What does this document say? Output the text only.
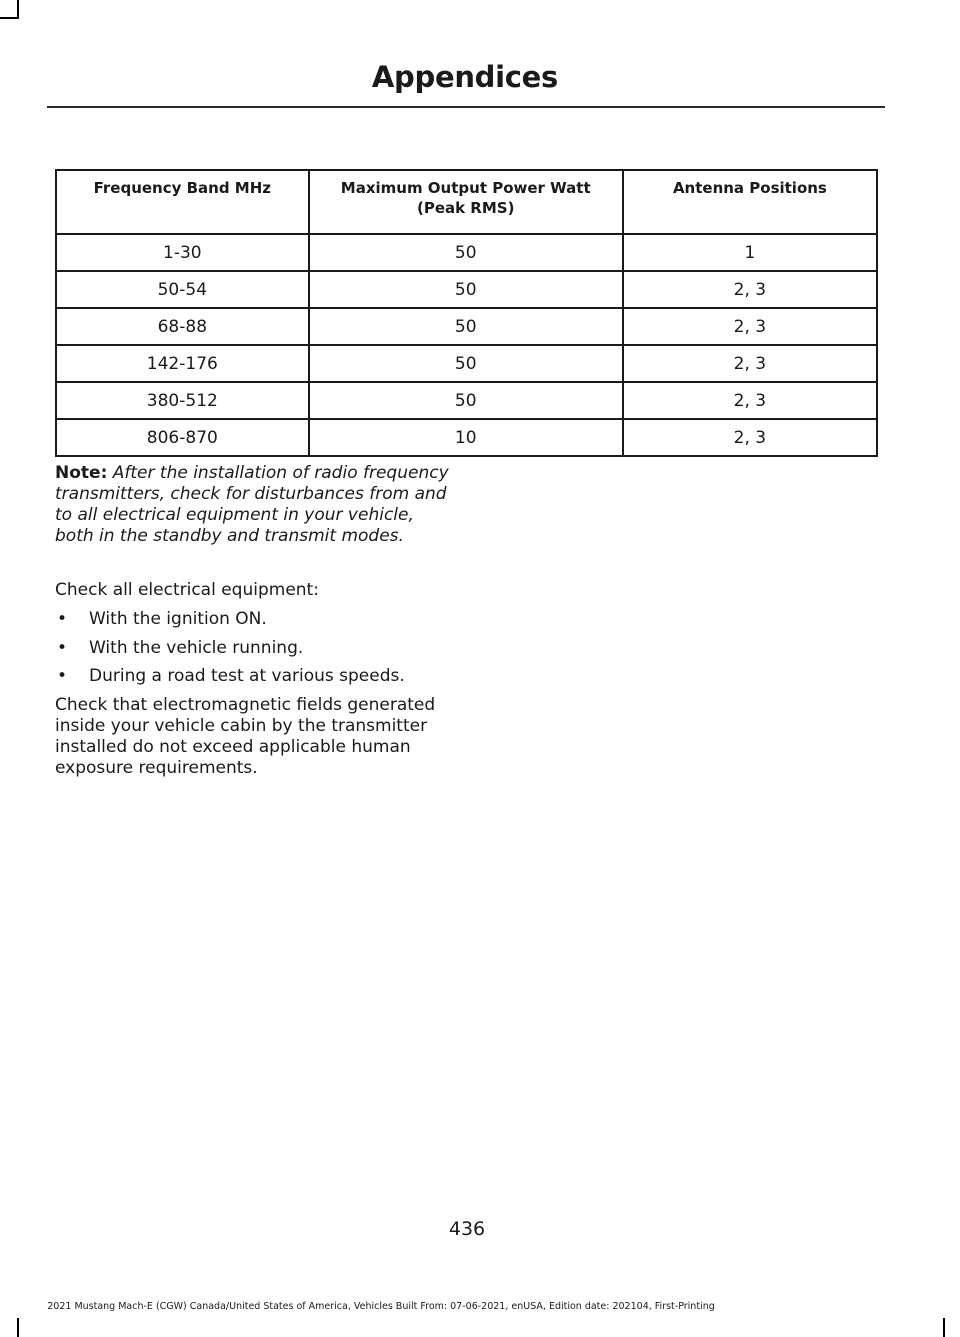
Appendices
Frequency Band MHz	Maximum Output Power Watt (Peak RMS)	Antenna Positions
1-30	50	1
50-54	50	2, 3
68-88	50	2, 3
142-176	50	2, 3
380-512	50	2, 3
806-870	10	2, 3
Note: After the installation of radio frequency transmitters, check for disturbances from and to all electrical equipment in your vehicle, both in the standby and transmit modes.
Check all electrical equipment:
• With the ignition ON.
• With the vehicle running.
• During a road test at various speeds.
Check that electromagnetic fields generated inside your vehicle cabin by the transmitter installed do not exceed applicable human exposure requirements.
436
2021 Mustang Mach-E (CGW) Canada/United States of America, Vehicles Built From: 07-06-2021, enUSA, Edition date: 202104, First-Printing
